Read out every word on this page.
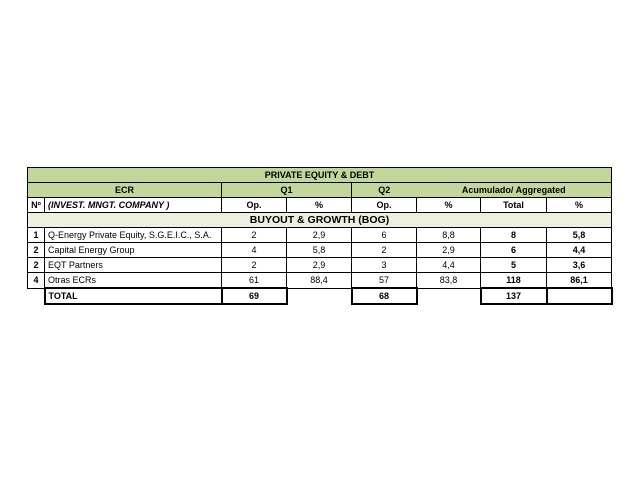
PRIVATE EQUITY & DEBT							
ECR		Q1		Q2	Acumulado/ Aggregated		
Nº	(INVEST. MNGT. COMPANY )	Op.	%	Op.	%	Total	%
BUYOUT & GROWTH (BOG)							
1	Q-Energy Private Equity, S.G.E.I.C., S.A.	2	2,9	6	8,8	8	5,8
2	Capital Energy Group	4	5,8	2	2,9	6	4,4
2	EQT Partners	2	2,9	3	4,4	5	3,6
4	Otras ECRs	61	88,4	57	83,8	118	86,1
	TOTAL	69		68		137	
